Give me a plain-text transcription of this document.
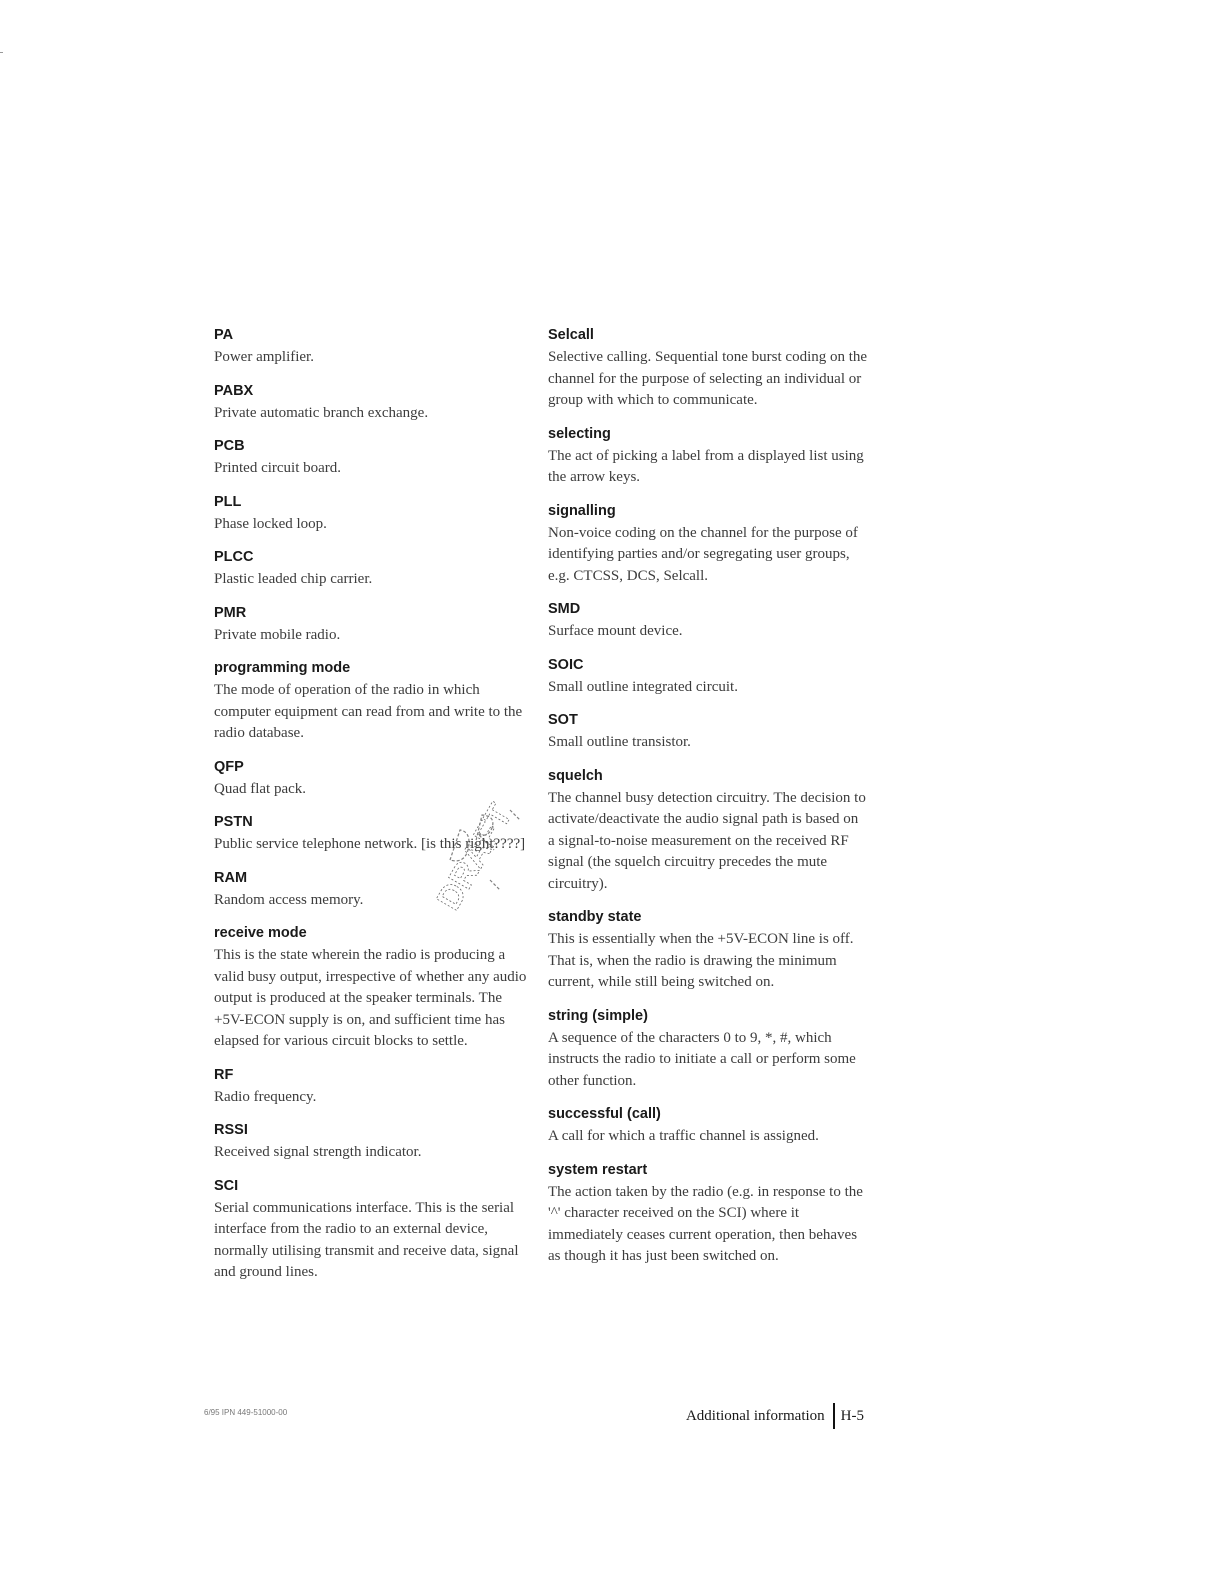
PA
Power amplifier.
PABX
Private automatic branch exchange.
PCB
Printed circuit board.
PLL
Phase locked loop.
PLCC
Plastic leaded chip carrier.
PMR
Private mobile radio.
programming mode
The mode of operation of the radio in which computer equipment can read from and write to the radio database.
QFP
Quad flat pack.
PSTN
Public service telephone network. [is this right????]
RAM
Random access memory.
receive mode
This is the state wherein the radio is producing a valid busy output, irrespective of whether any audio output is produced at the speaker terminals. The +5V-ECON supply is on, and sufficient time has elapsed for various circuit blocks to settle.
RF
Radio frequency.
RSSI
Received signal strength indicator.
SCI
Serial communications interface. This is the serial interface from the radio to an external device, normally utilising transmit and receive data, signal and ground lines.
Selcall
Selective calling. Sequential tone burst coding on the channel for the purpose of selecting an individual or group with which to communicate.
selecting
The act of picking a label from a displayed list using the arrow keys.
signalling
Non-voice coding on the channel for the purpose of identifying parties and/or segregating user groups, e.g. CTCSS, DCS, Selcall.
SMD
Surface mount device.
SOIC
Small outline integrated circuit.
SOT
Small outline transistor.
squelch
The channel busy detection circuitry. The decision to activate/deactivate the audio signal path is based on a signal-to-noise measurement on the received RF signal (the squelch circuitry precedes the mute circuitry).
standby state
This is essentially when the +5V-ECON line is off. That is, when the radio is drawing the minimum current, while still being switched on.
string (simple)
A sequence of the characters 0 to 9, *, #, which instructs the radio to initiate a call or perform some other function.
successful (call)
A call for which a traffic channel is assigned.
system restart
The action taken by the radio (e.g. in response to the '^' character received on the SCI) where it immediately ceases current operation, then behaves as though it has just been switched on.
DRAFT
6/95 IPN 449-51000-00	Additional information H-5
